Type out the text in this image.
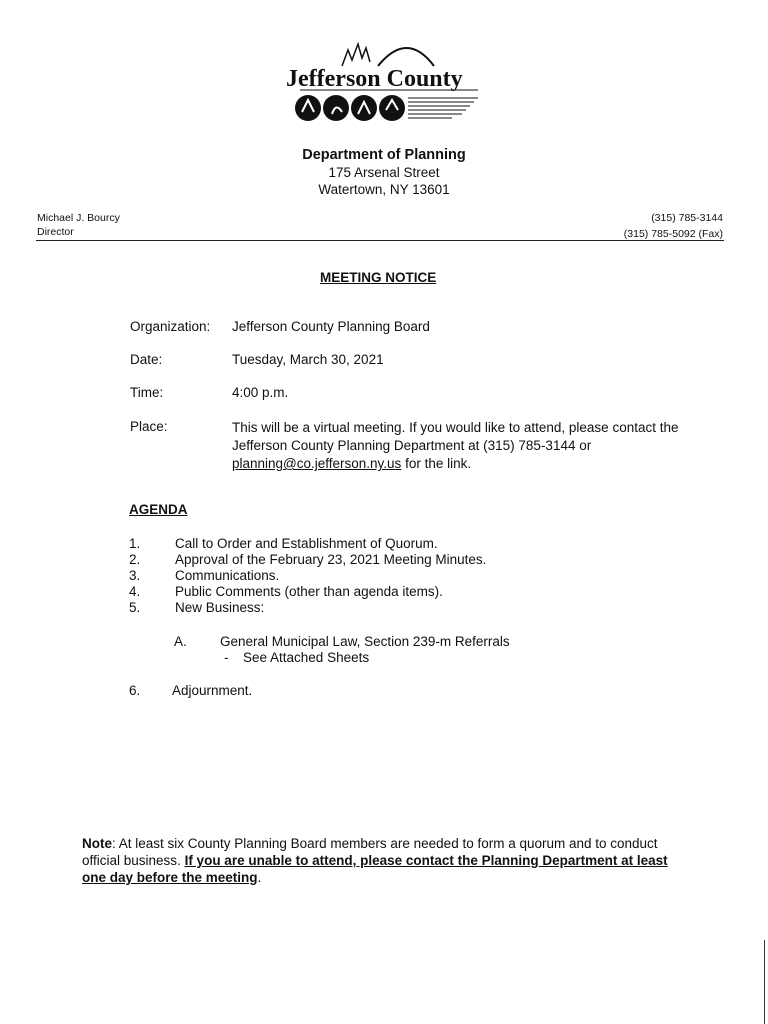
Jefferson County
Department of Planning
175 Arsenal Street
Watertown, NY 13601
Michael J. Bourcy
Director
(315) 785-3144
(315) 785-5092 (Fax)
MEETING NOTICE
Organization: Jefferson County Planning Board
Date:	Tuesday, March 30, 2021
Time:	4:00 p.m.
Place:	This will be a virtual meeting. If you would like to attend, please contact the Jefferson County Planning Department at (315) 785-3144 or planning@co.jefferson.ny.us for the link.
AGENDA
1.	Call to Order and Establishment of Quorum.
2.	Approval of the February 23, 2021 Meeting Minutes.
3.	Communications.
4.	Public Comments (other than agenda items).
5.	New Business:
A. General Municipal Law, Section 239-m Referrals
- See Attached Sheets
6. Adjournment.
Note: At least six County Planning Board members are needed to form a quorum and to conduct official business. If you are unable to attend, please contact the Planning Department at least one day before the meeting.
